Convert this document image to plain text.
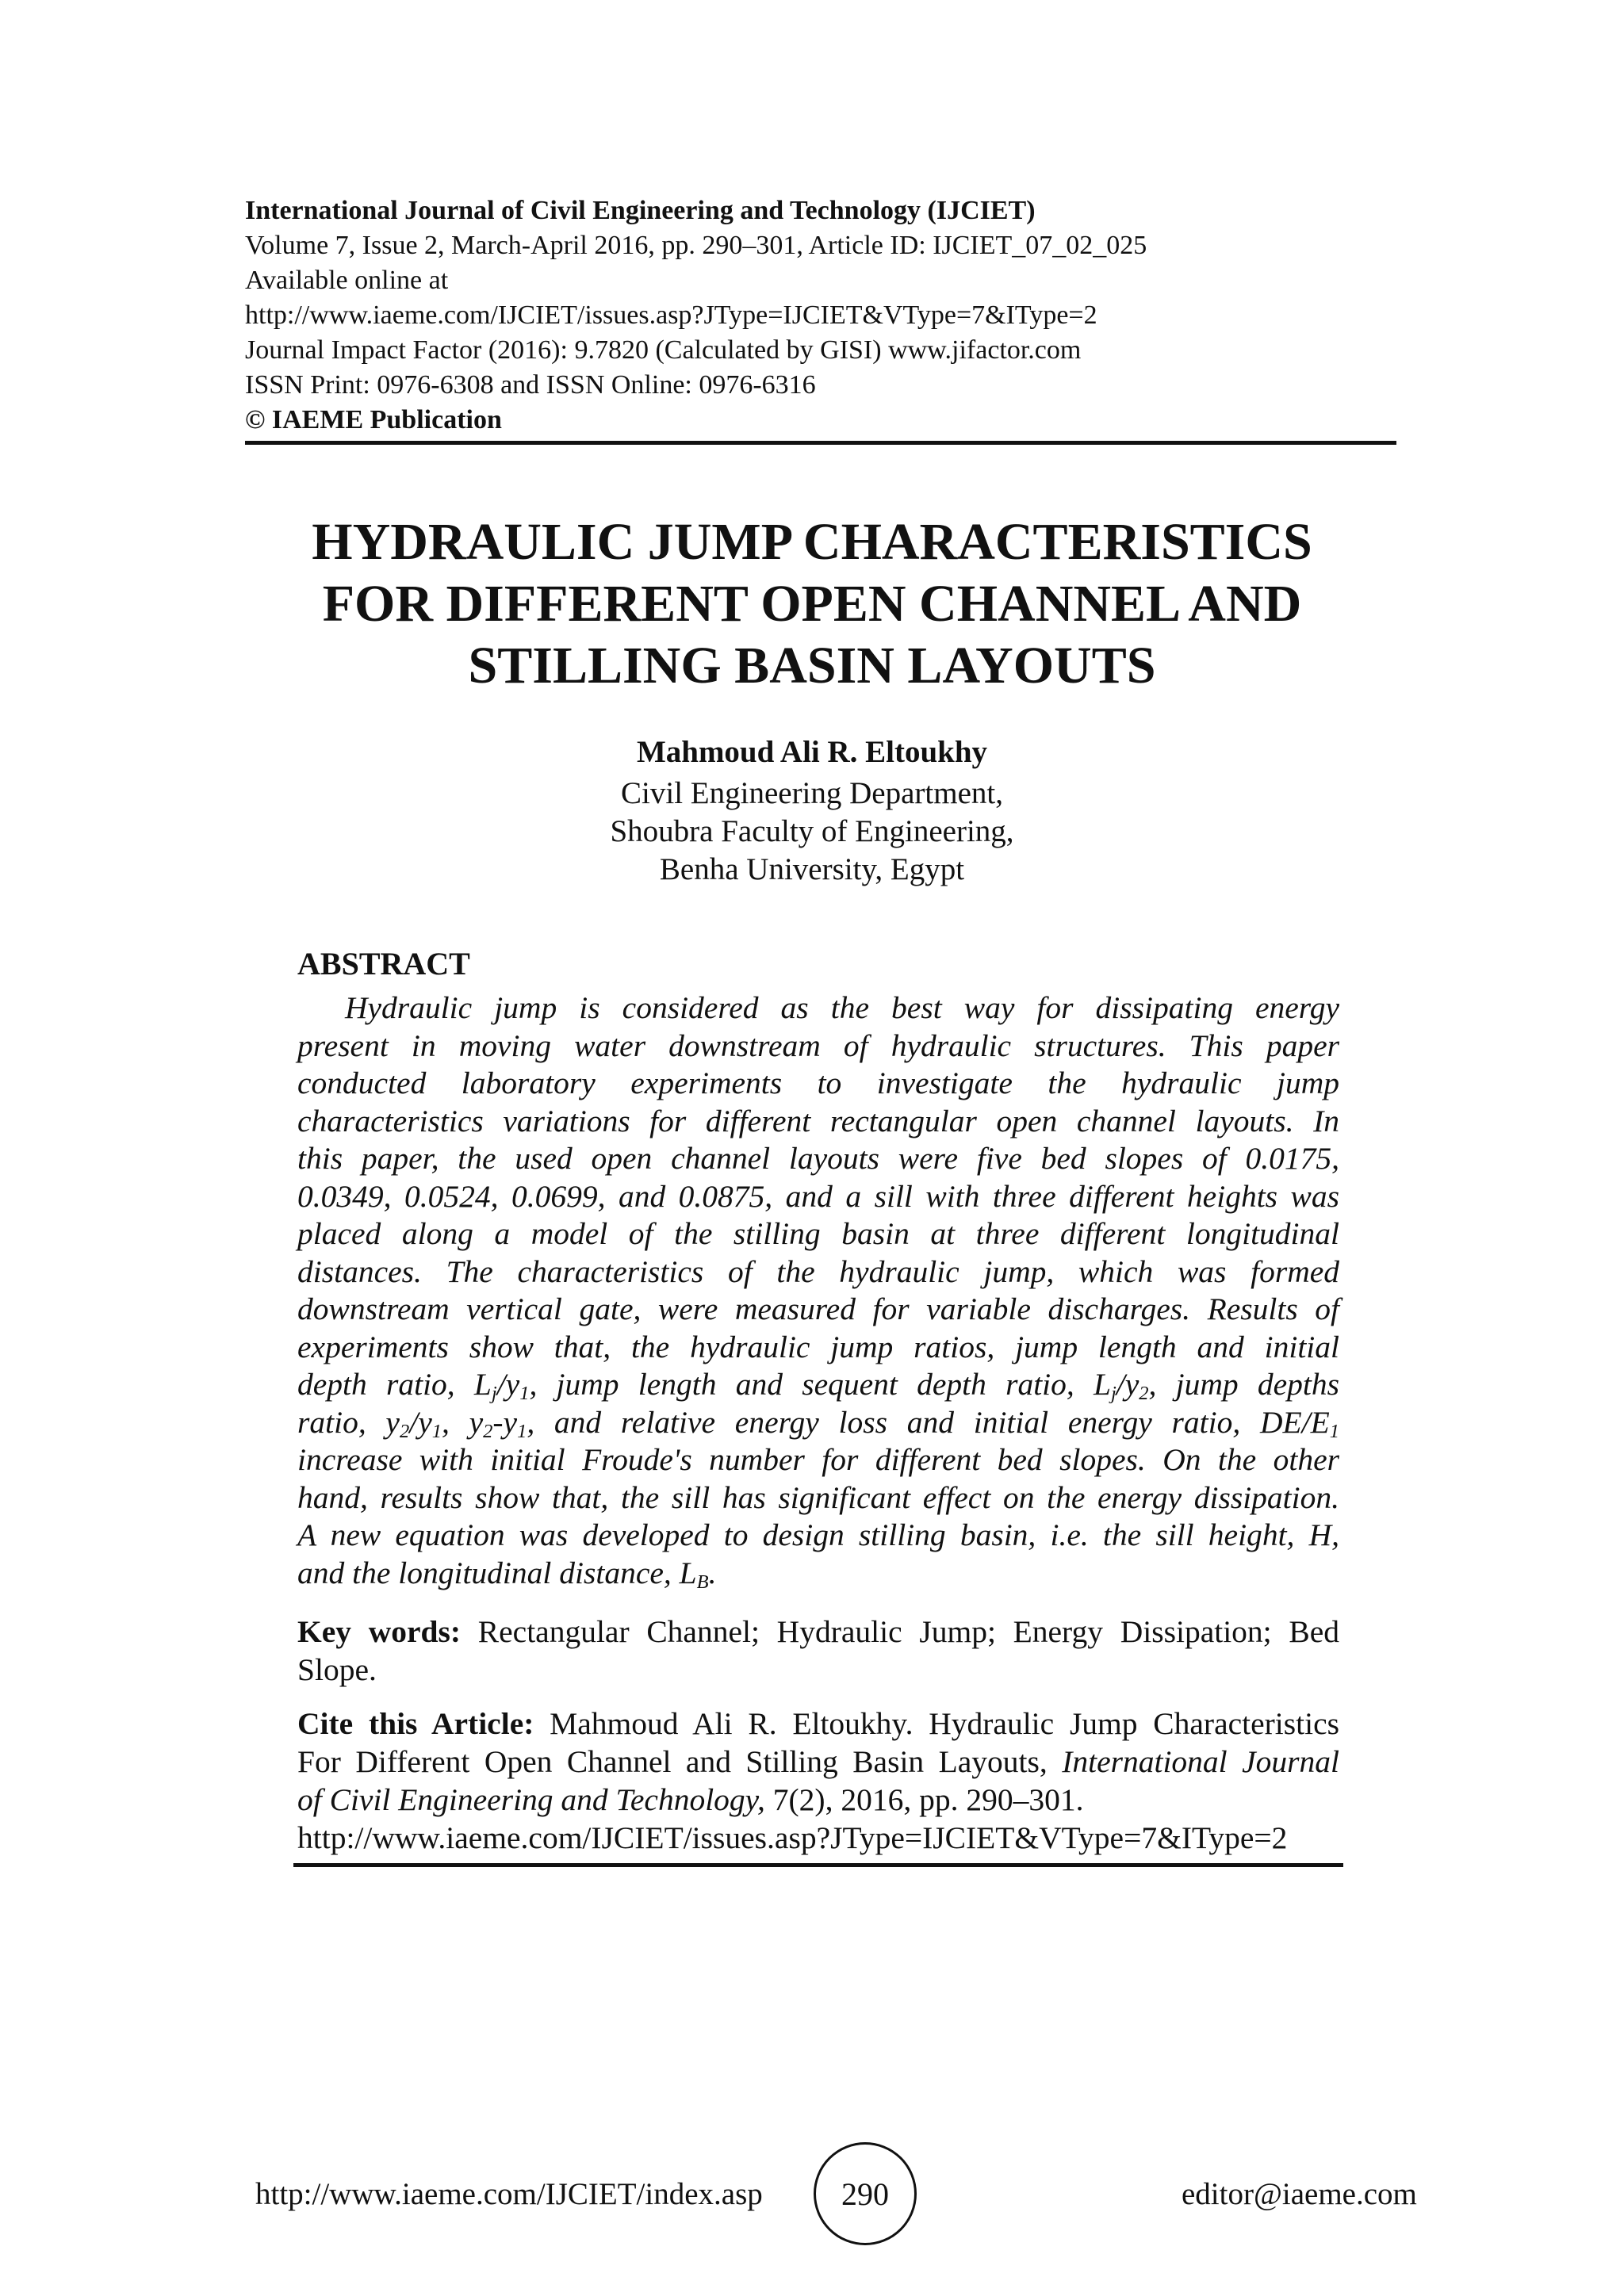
International Journal of Civil Engineering and Technology (IJCIET)
Volume 7, Issue 2, March-April 2016, pp. 290–301, Article ID: IJCIET_07_02_025
Available online at
http://www.iaeme.com/IJCIET/issues.asp?JType=IJCIET&VType=7&IType=2
Journal Impact Factor (2016): 9.7820 (Calculated by GISI) www.jifactor.com
ISSN Print: 0976-6308 and ISSN Online: 0976-6316
© IAEME Publication
HYDRAULIC JUMP CHARACTERISTICS
FOR DIFFERENT OPEN CHANNEL AND
STILLING BASIN LAYOUTS
Mahmoud Ali R. Eltoukhy
Civil Engineering Department,
Shoubra Faculty of Engineering,
Benha University, Egypt
ABSTRACT
Hydraulic jump is considered as the best way for dissipating energy
present in moving water downstream of hydraulic structures. This paper
conducted laboratory experiments to investigate the hydraulic jump
characteristics variations for different rectangular open channel layouts. In
this paper, the used open channel layouts were five bed slopes of 0.0175,
0.0349, 0.0524, 0.0699, and 0.0875, and a sill with three different heights was
placed along a model of the stilling basin at three different longitudinal
distances. The characteristics of the hydraulic jump, which was formed
downstream vertical gate, were measured for variable discharges. Results of
experiments show that, the hydraulic jump ratios, jump length and initial
depth ratio, $L_j/y_1$, jump length and sequent depth ratio, $L_j/y_2$, jump depths
ratio, $y_2/y_1$, $y_2-y_1$, and relative energy loss and initial energy ratio, $DE/E_1$
increase with initial Froude's number for different bed slopes. On the other
hand, results show that, the sill has significant effect on the energy dissipation.
A new equation was developed to design stilling basin, i.e. the sill height, H,
and the longitudinal distance, $L_B$.
Key words: Rectangular Channel; Hydraulic Jump; Energy Dissipation; Bed
Slope.
Cite this Article: Mahmoud Ali R. Eltoukhy. Hydraulic Jump Characteristics
For Different Open Channel and Stilling Basin Layouts, International Journal
of Civil Engineering and Technology, 7(2), 2016, pp. 290–301.
http://www.iaeme.com/IJCIET/issues.asp?JType=IJCIET&VType=7&IType=2
http://www.iaeme.com/IJCIET/index.asp 290	editor@iaeme.com
